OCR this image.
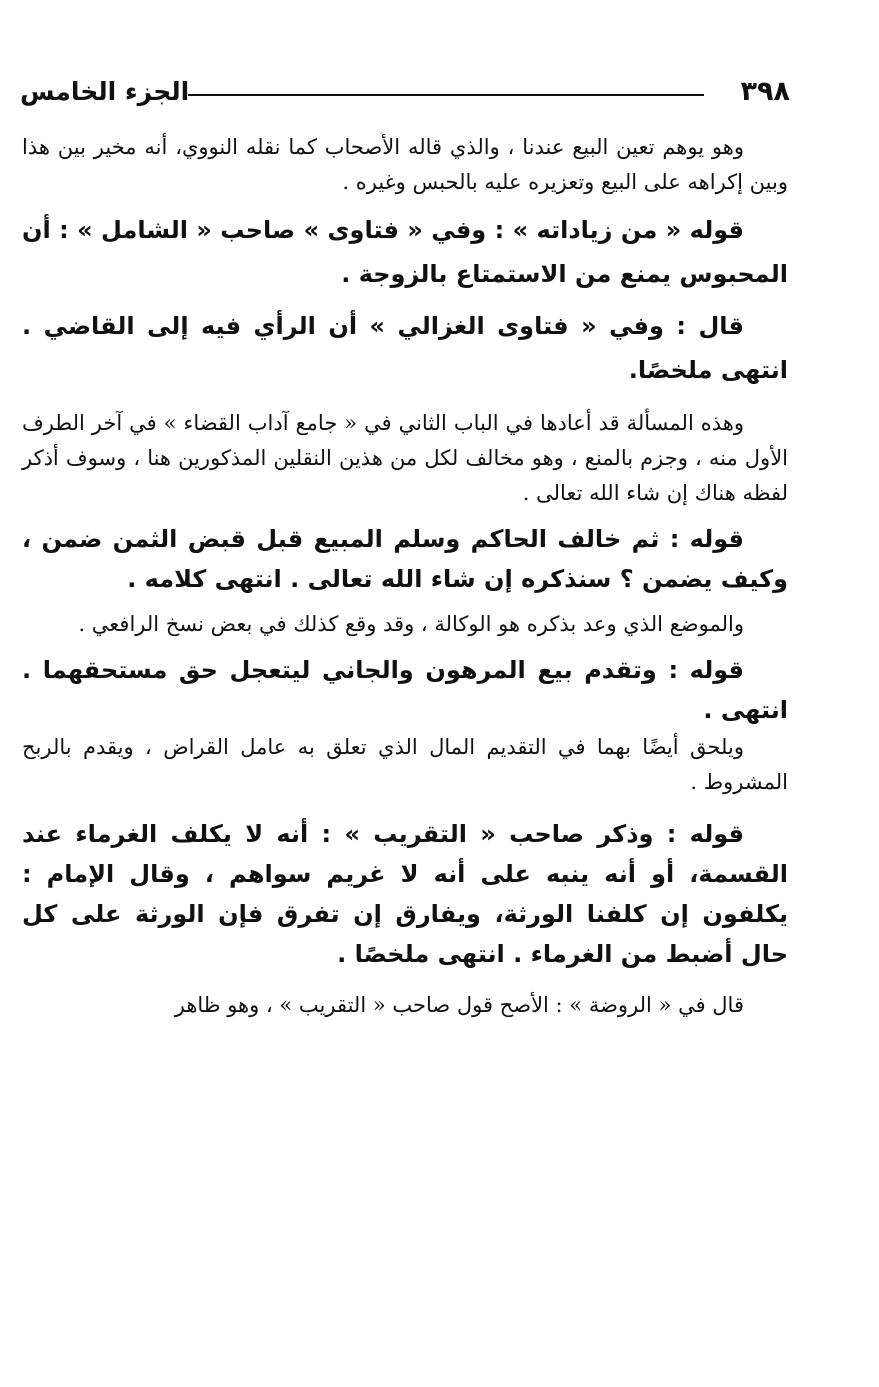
٣٩٨
الجزء الخامس

وهو يوهم تعين البيع عندنا ، والذي قاله الأصحاب كما نقله النووي، أنه مخير بين هذا وبين إكراهه على البيع وتعزيره عليه بالحبس وغيره .

قوله « من زياداته » : وفي « فتاوى » صاحب « الشامل » : أن المحبوس يمنع من الاستمتاع بالزوجة .

قال : وفي « فتاوى الغزالي » أن الرأي فيه إلى القاضي . انتهى ملخصًا.

وهذه المسألة قد أعادها في الباب الثاني في « جامع آداب القضاء » في آخر الطرف الأول منه ، وجزم بالمنع ، وهو مخالف لكل من هذين النقلين المذكورين هنا ، وسوف أذكر لفظه هناك إن شاء الله تعالى .

قوله : ثم خالف الحاكم وسلم المبيع قبل قبض الثمن ضمن ، وكيف يضمن ؟ سنذكره إن شاء الله تعالى . انتهى كلامه .

والموضع الذي وعد بذكره هو الوكالة ، وقد وقع كذلك في بعض نسخ الرافعي .

قوله : وتقدم بيع المرهون والجاني ليتعجل حق مستحقهما . انتهى .

ويلحق أيضًا بهما في التقديم المال الذي تعلق به عامل القراض ، ويقدم بالربح المشروط .

قوله : وذكر صاحب « التقريب » : أنه لا يكلف الغرماء عند القسمة، أو أنه ينبه على أنه لا غريم سواهم ، وقال الإمام : يكلفون إن كلفنا الورثة، ويفارق إن تفرق فإن الورثة على كل حال أضبط من الغرماء . انتهى ملخصًا .

قال في « الروضة » : الأصح قول صاحب « التقريب » ، وهو ظاهر
